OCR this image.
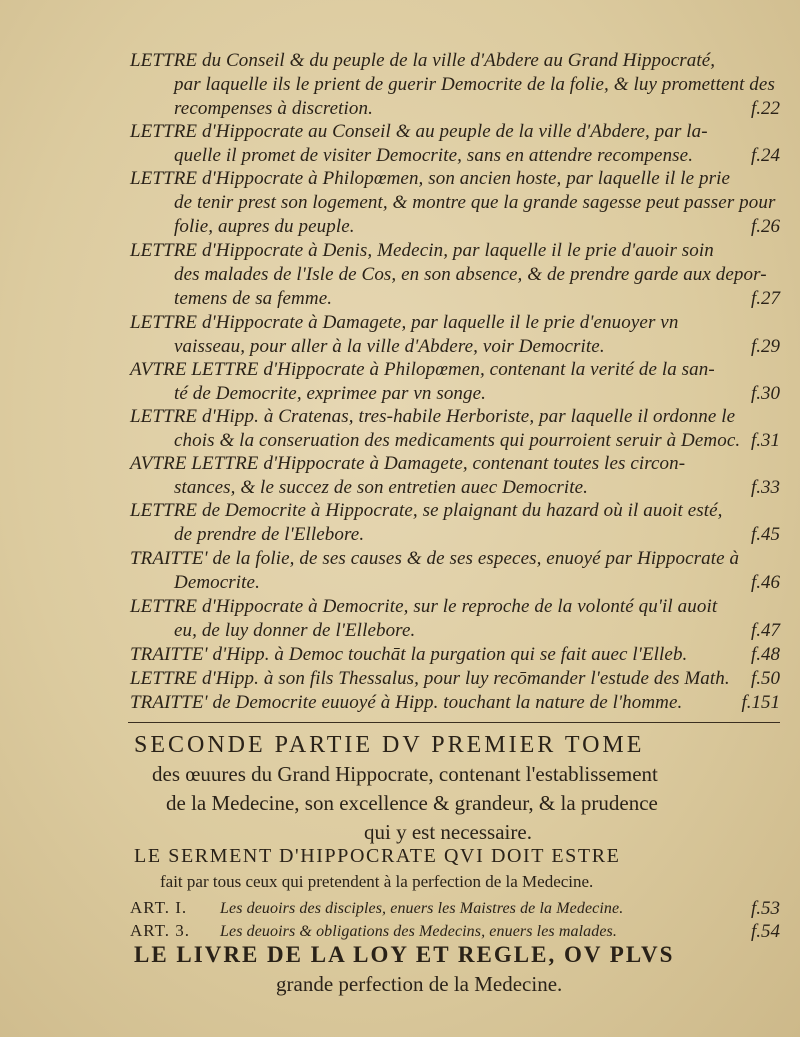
LETTRE du Conseil & du peuple de la ville d'Abdere au Grand Hippocraté,
par laquelle ils le prient de guerir Democrite de la folie, & luy promettent des
recompenses à discretion.	f.22
LETTRE d'Hippocrate au Conseil & au peuple de la ville d'Abdere, par la-
quelle il promet de visiter Democrite, sans en attendre recompense.	f.24
LETTRE d'Hippocrate à Philopœmen, son ancien hoste, par laquelle il le prie
de tenir prest son logement, & montre que la grande sagesse peut passer pour
folie, aupres du peuple.	f.26
LETTRE d'Hippocrate à Denis, Medecin, par laquelle il le prie d'auoir soin
des malades de l'Isle de Cos, en son absence, & de prendre garde aux depor-
temens de sa femme.	f.27
LETTRE d'Hippocrate à Damagete, par laquelle il le prie d'enuoyer vn
vaisseau, pour aller à la ville d'Abdere, voir Democrite.	f.29
AVTRE LETTRE d'Hippocrate à Philopœmen, contenant la verité de la san-
té de Democrite, exprimee par vn songe.	f.30
LETTRE d'Hipp. à Cratenas, tres-habile Herboriste, par laquelle il ordonne le
chois & la conseruation des medicaments qui pourroient seruir à Democ. f.31
AVTRE LETTRE d'Hippocrate à Damagete, contenant toutes les circon-
stances, & le succez de son entretien auec Democrite.	f.33
LETTRE de Democrite à Hippocrate, se plaignant du hazard où il auoit esté,
de prendre de l'Ellebore.	f.45
TRAITTE' de la folie, de ses causes & de ses especes, enuoyé par Hippocrate à
Democrite.	f.46
LETTRE d'Hippocrate à Democrite, sur le reproche de la volonté qu'il auoit
eu, de luy donner de l'Ellebore.	f.47
TRAITTE' d'Hipp. à Democ touchāt la purgation qui se fait auec l'Elleb.	f.48
LETTRE d'Hipp. à son fils Thessalus, pour luy recōmander l'estude des Math. f.50
TRAITTE' de Democrite euuoyé à Hipp. touchant la nature de l'homme.	f.151
SECONDE PARTIE DV PREMIER TOME
des œuures du Grand Hippocrate, contenant l'establissement
de la Medecine, son excellence & grandeur, & la prudence
qui y est necessaire.
LE SERMENT D'HIPPOCRATE QVI DOIT ESTRE
fait par tous ceux qui pretendent à la perfection de la Medecine.
ART. I. Les deuoirs des disciples, enuers les Maistres de la Medecine.	f.53
ART. 3. Les deuoirs & obligations des Medecins, enuers les malades.	f.54
LE LIVRE DE LA LOY ET REGLE, OV PLVS
grande perfection de la Medecine.
